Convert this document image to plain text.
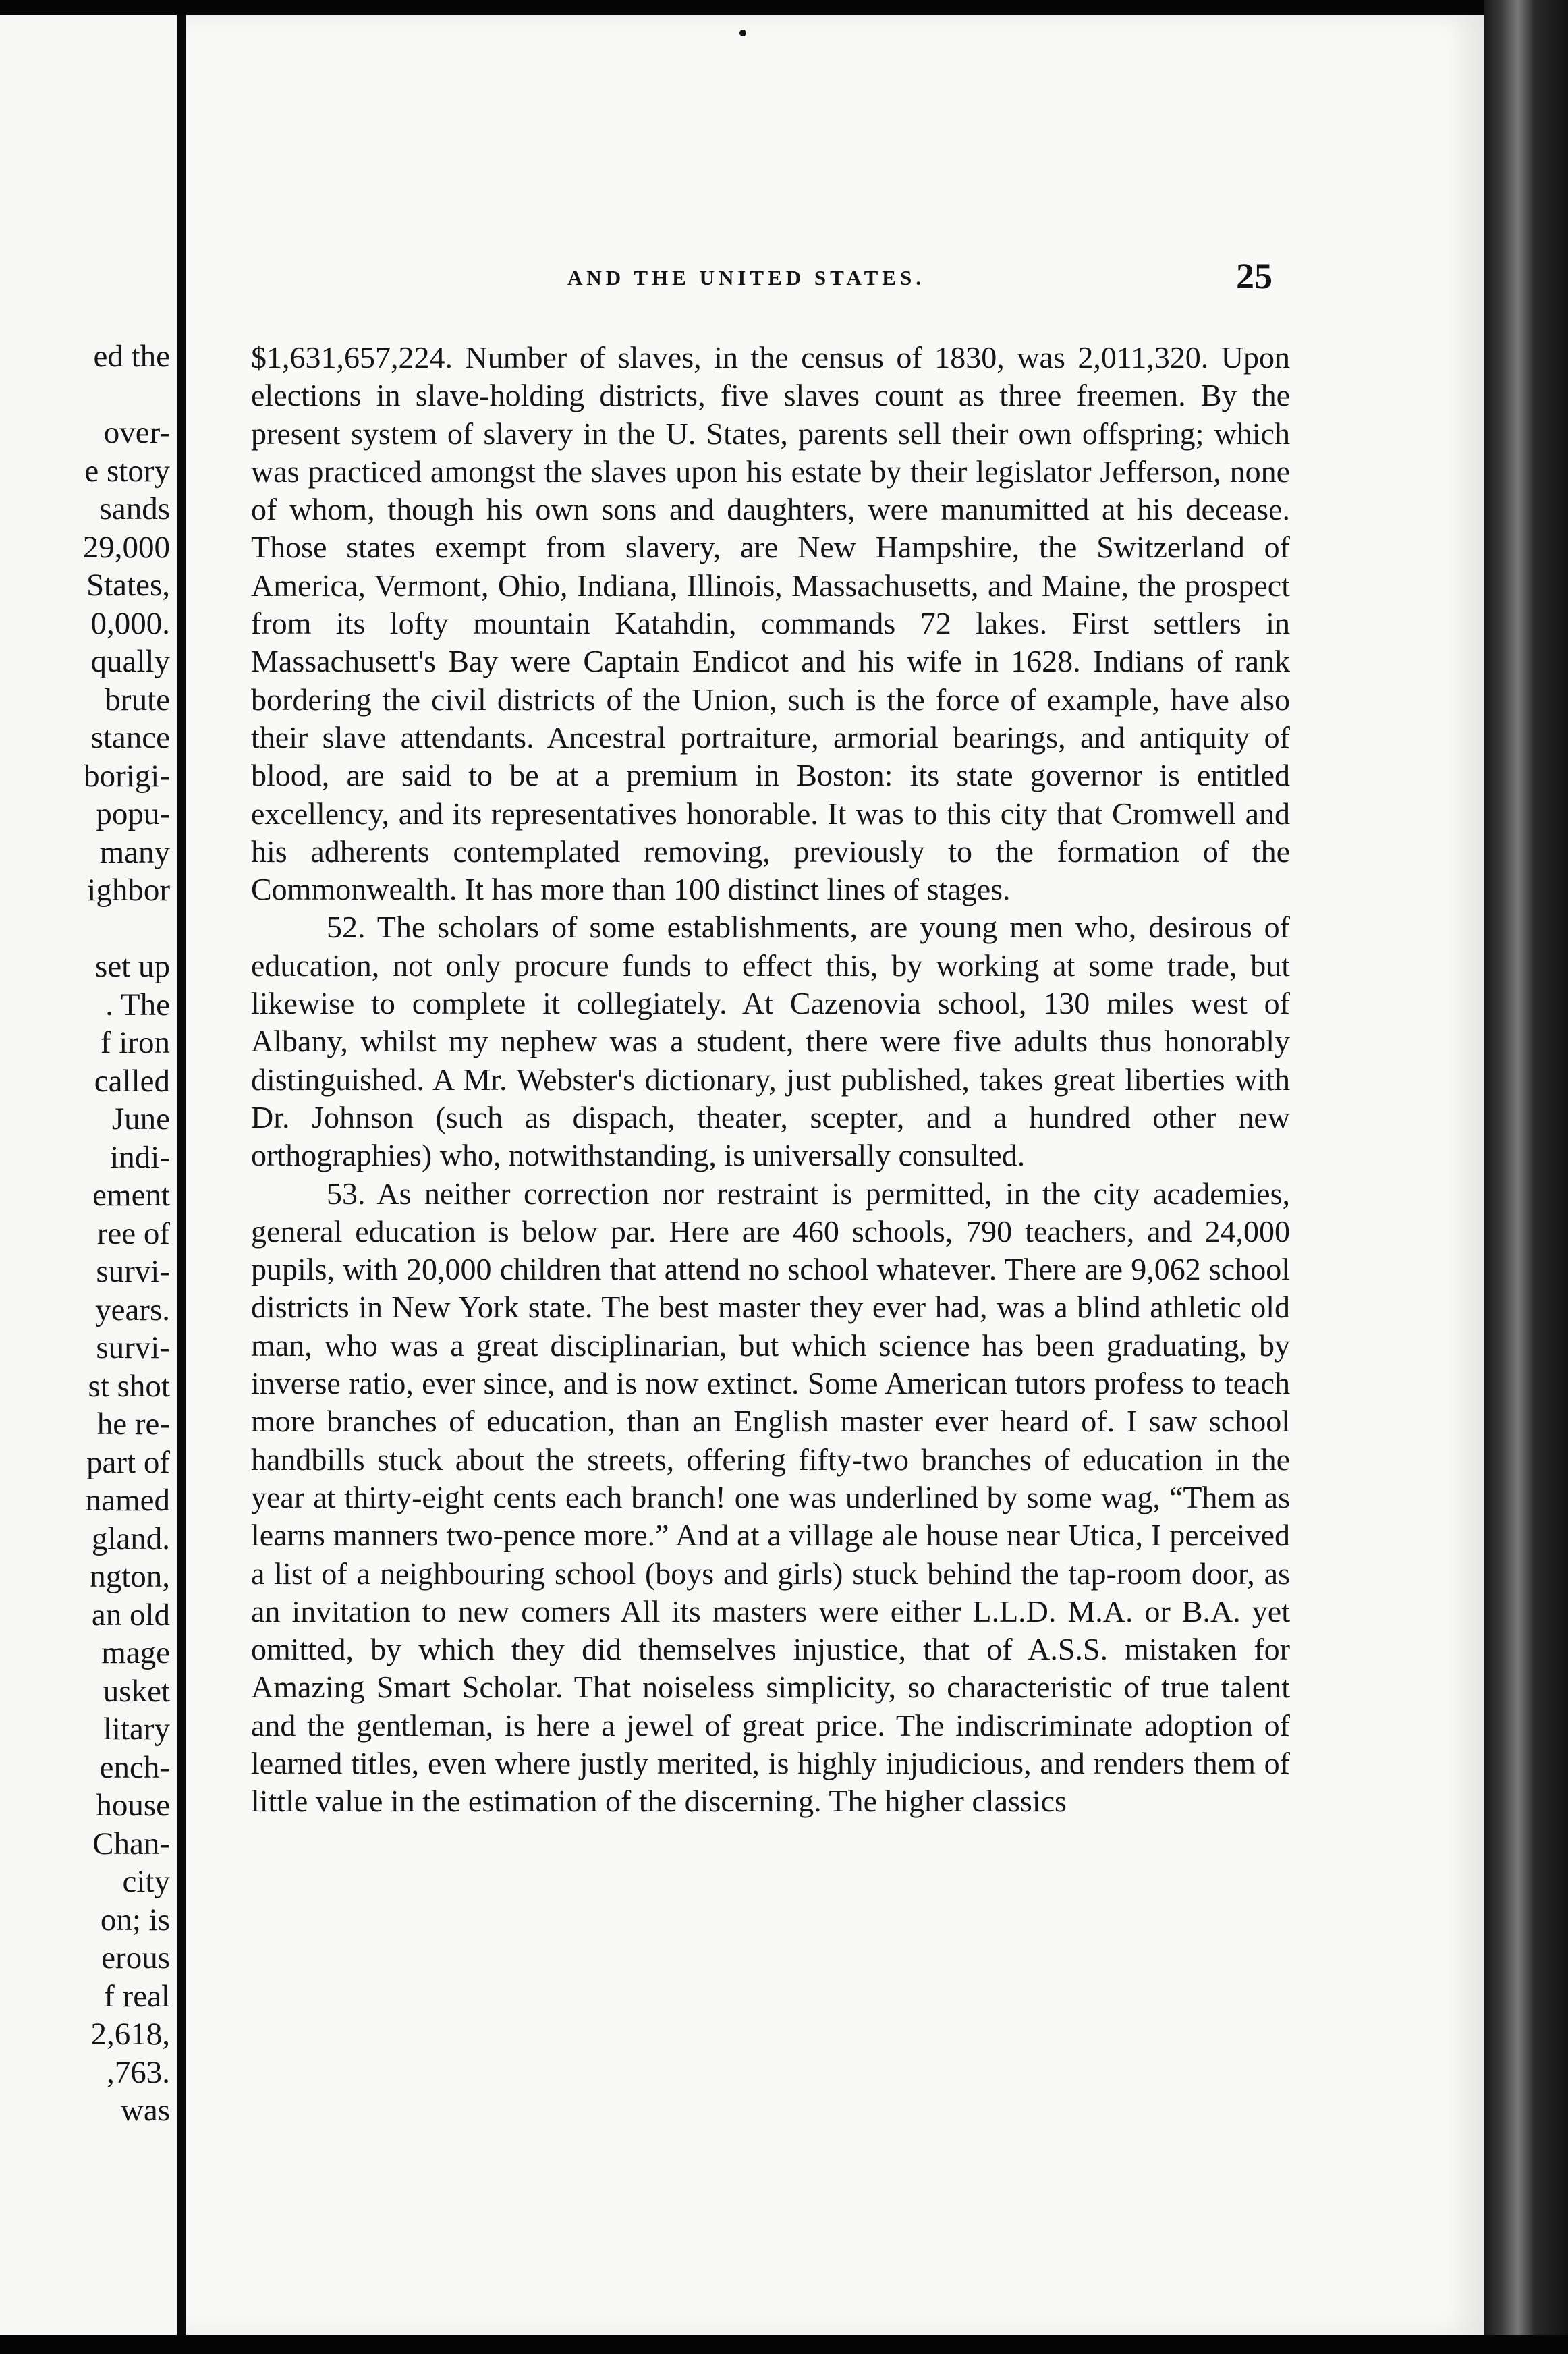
ed the
over-
e story
sands
29,000
States,
0,000.
qually
brute
stance
borigi-
popu-
many
ighbor
set up
. The
f iron
called
June
indi-
ement
ree of
survi-
years.
survi-
st shot
he re-
part of
named
gland.
ngton,
an old
mage
usket
litary
ench-
house
Chan-
city
on; is
erous
f real
2,618,
,763.
was
AND THE UNITED STATES.	25

$1,631,657,224. Number of slaves, in the census of 1830, was 2,011,320. Upon elections in slave-holding districts, five slaves count as three freemen. By the present system of slavery in the U. States, parents sell their own offspring; which was practiced amongst the slaves upon his estate by their legislator Jefferson, none of whom, though his own sons and daughters, were manumitted at his decease. Those states exempt from slavery, are New Hampshire, the Switzerland of America, Vermont, Ohio, Indiana, Illinois, Massachusetts, and Maine, the prospect from its lofty mountain Katahdin, commands 72 lakes. First settlers in Massachusett's Bay were Captain Endicot and his wife in 1628. Indians of rank bordering the civil districts of the Union, such is the force of example, have also their slave attendants. Ancestral portraiture, armorial bearings, and antiquity of blood, are said to be at a premium in Boston: its state governor is entitled excellency, and its representatives honorable. It was to this city that Cromwell and his adherents contemplated removing, previously to the formation of the Commonwealth. It has more than 100 distinct lines of stages.

52. The scholars of some establishments, are young men who, desirous of education, not only procure funds to effect this, by working at some trade, but likewise to complete it collegiately. At Cazenovia school, 130 miles west of Albany, whilst my nephew was a student, there were five adults thus honorably distinguished. A Mr. Webster's dictionary, just published, takes great liberties with Dr. Johnson (such as dispach, theater, scepter, and a hundred other new orthographies) who, notwithstanding, is universally consulted.

53. As neither correction nor restraint is permitted, in the city academies, general education is below par. Here are 460 schools, 790 teachers, and 24,000 pupils, with 20,000 children that attend no school whatever. There are 9,062 school districts in New York state. The best master they ever had, was a blind athletic old man, who was a great disciplinarian, but which science has been graduating, by inverse ratio, ever since, and is now extinct. Some American tutors profess to teach more branches of education, than an English master ever heard of. I saw school handbills stuck about the streets, offering fifty-two branches of education in the year at thirty-eight cents each branch! one was underlined by some wag, “Them as learns manners two-pence more.” And at a village ale house near Utica, I perceived a list of a neighbouring school (boys and girls) stuck behind the tap-room door, as an invitation to new comers All its masters were either L.L.D. M.A. or B.A. yet omitted, by which they did themselves injustice, that of A.S.S. mistaken for Amazing Smart Scholar. That noiseless simplicity, so characteristic of true talent and the gentleman, is here a jewel of great price. The indiscriminate adoption of learned titles, even where justly merited, is highly injudicious, and renders them of little value in the estimation of the discerning. The higher classics
